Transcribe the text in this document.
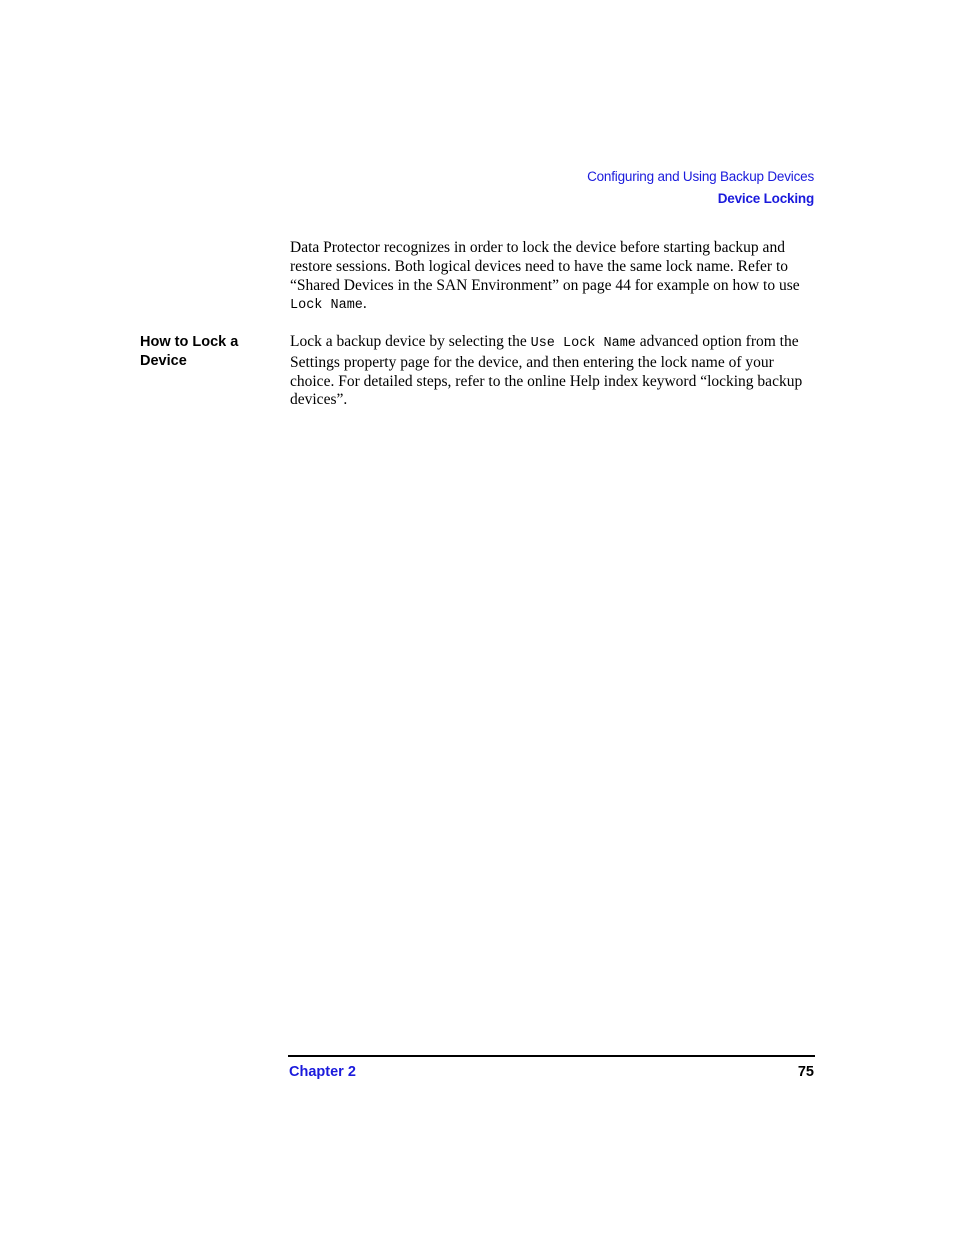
Configuring and Using Backup Devices
Device Locking

Data Protector recognizes in order to lock the device before starting backup and restore sessions. Both logical devices need to have the same lock name. Refer to “Shared Devices in the SAN Environment” on page 44 for example on how to use Lock Name.

How to Lock a Device

Lock a backup device by selecting the Use Lock Name advanced option from the Settings property page for the device, and then entering the lock name of your choice. For detailed steps, refer to the online Help index keyword “locking backup devices”.

Chapter 2	75
